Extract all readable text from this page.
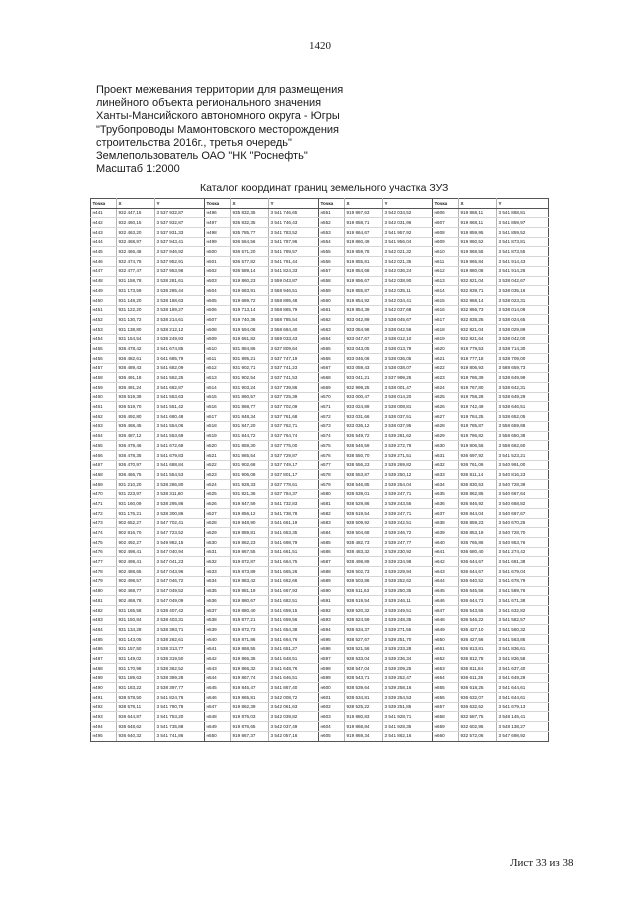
1420
Проект межевания территории для размещения
линейного объекта регионального значения
Ханты-Мансийского автономного округа - Югры
"Трубопроводы Мамонтовского месторождения
строительства 2016г., третья очередь"
Землепользователь ОАО "НК "Роснефть"
Масштаб 1:2000
Каталог координат границ земельного участка ЗУЗ
Точка	X	Y	Точка	X	Y	Точка	X	Y	Точка	X	Y
н441	932 447,15	3 537 932,87	н496	935 832,35	3 541 746,65	н551	919 867,63	3 542 034,52	н606	919 868,11	3 541 868,81
н442	932 460,15	3 537 932,87	н497	935 832,35	3 541 746,43	н552	919 858,71	3 542 031,96	н607	919 868,11	3 541 859,97
н443	932 463,20	3 537 931,33	н498	935 785,77	3 541 783,52	н553	919 864,67	3 541 957,92	н608	919 859,95	3 541 859,52
н444	932 468,97	3 537 943,41	н499	936 564,56	3 541 787,96	н554	919 860,49	3 541 956,04	н609	919 860,52	3 541 873,81
н445	932 466,48	3 537 946,92	н500	936 571,20	3 541 789,57	н555	919 859,78	3 542 021,32	н610	919 868,55	3 541 873,55
н446	932 474,78	3 537 952,91	н501	936 577,82	3 541 791,44	н556	919 855,81	3 542 021,35	н611	919 865,84	3 541 914,43
н447	932 477,47	3 537 953,96	н502	936 589,14	3 541 824,33	н557	919 854,68	3 542 036,24	н612	919 880,08	3 541 914,26
н448	931 158,78	3 538 281,61	н503	919 860,23	3 559 043,87	н558	919 856,67	3 542 038,90	н613	932 821,04	3 538 042,67
н449	931 173,59	3 538 285,44	н504	919 683,91	3 558 946,51	н559	919 855,87	3 542 035,11	н614	932 839,71	3 538 035,16
н450	931 148,20	3 538 188,63	н505	919 689,72	3 558 895,48	н560	919 854,92	3 542 034,41	н615	932 868,14	3 538 023,31
н451	931 122,20	3 538 189,27	н506	919 713,14	3 558 865,79	н561	919 854,39	3 542 037,68	н616	932 866,73	3 538 014,09
н452	931 130,72	3 538 214,61	н507	919 740,36	3 558 785,54	н562	933 042,89	3 538 045,67	н617	932 838,25	3 538 024,65
н453	931 138,80	3 538 212,12	н508	919 594,08	3 558 684,40	н563	933 054,98	3 538 042,56	н618	932 821,04	3 538 029,89
н454	931 154,54	3 538 249,93	н509	919 651,82	3 559 033,43	н564	933 047,67	3 538 012,10	н619	932 821,64	3 538 042,00
н455	936 478,42	3 541 674,85	н510	931 884,86	3 537 809,64	н565	933 043,05	3 538 013,79	н620	919 779,53	3 538 714,30
н456	936 482,61	3 641 685,79	н511	931 895,21	3 537 747,19	н566	933 046,06	3 538 036,05	н621	919 777,18	3 538 709,00
н457	936 489,43	3 541 682,09	н512	931 902,71	3 537 741,23	н567	933 059,43	3 538 038,07	н622	919 806,93	3 588 659,73
н458	936 491,18	3 541 562,25	н513	931 902,54	3 537 741,53	н568	933 041,21	3 537 999,25	н623	919 786,39	3 538 649,99
н459	936 491,24	3 541 682,87	н514	931 903,24	3 537 739,86	н569	932 999,25	3 538 001,47	н624	919 767,80	3 538 642,31
н460	936 519,39	3 541 553,63	н515	931 860,57	3 537 725,39	н570	933 000,47	3 538 014,20	н625	919 758,28	3 538 649,29
н461	936 519,70	3 541 551,42	н516	931 868,77	3 537 702,09	н571	933 024,89	3 538 008,81	н626	919 742,49	3 538 646,51
н462	936 492,80	3 541 680,48	н517	931 848,34	3 537 761,68	н572	933 031,66	3 538 037,51	н627	919 784,25	3 538 652,05
н463	936 468,45	3 541 554,06	н518	931 847,20	3 537 762,71	н573	933 036,12	3 538 037,95	н628	919 785,87	3 558 659,88
н464	936 487,12	3 541 553,69	н519	931 844,72	3 537 764,74	н574	936 549,72	3 539 281,62	н629	919 786,82	3 558 650,38
н465	936 479,46	3 541 672,69	н520	931 859,30	3 537 775,00	н575	938 546,59	3 539 272,78	н630	919 806,56	3 558 662,60
н466	936 478,35	3 541 679,83	н521	931 865,54	3 537 729,87	н576	938 550,70	3 539 271,51	н631	936 697,92	3 541 523,21
н467	936 470,97	3 541 688,84	н522	931 902,68	3 537 749,17	н577	938 556,23	3 539 269,82	н632	936 761,06	3 540 991,00
н468	936 466,75	3 541 554,53	н523	931 906,08	3 537 801,17	н578	938 553,87	3 539 250,12	н633	936 811,14	3 540 816,23
н469	931 210,20	3 538 286,80	н524	931 928,33	3 537 778,61	н579	938 546,85	3 539 254,04	н634	936 830,53	3 540 728,39
н470	931 223,97	3 538 311,60	н525	931 821,36	3 537 784,37	н580	938 539,01	3 539 247,71	н635	936 862,85	3 540 667,64
н471	931 160,09	3 538 295,86	н526	919 847,59	3 541 732,83	н581	938 529,86	3 539 243,55	н636	936 846,92	3 540 668,82
н472	931 176,21	3 538 300,86	н527	919 856,12	3 541 738,78	н582	938 519,54	3 539 247,71	н637	936 844,04	3 540 667,67
н473	902 652,27	3 547 702,41	н528	919 848,90	3 541 661,19	н583	938 509,92	3 539 242,51	н638	936 859,23	3 540 670,25
н474	902 816,70	3 547 723,52	н529	919 889,81	3 541 653,35	н584	938 504,68	3 539 246,72	н639	936 853,19	3 540 728,70
н475	902 492,27	3 549 982,15	н530	919 862,23	3 541 698,79	н585	938 482,73	3 539 247,77	н640	936 765,86	3 540 953,76
н476	902 498,41	3 547 040,94	н531	919 867,55	3 541 661,51	н586	938 483,32	3 539 230,92	н641	936 680,40	3 541 274,42
н477	902 498,41	3 547 041,23	н532	919 872,87	3 541 664,75	н587	938 498,89	3 539 234,98	н642	936 644,67	3 541 681,38
н478	902 488,65	3 547 043,96	н533	919 873,89	3 541 665,26	н588	938 502,73	3 539 229,94	н643	936 644,67	3 541 679,04
н479	902 498,57	3 547 046,72	н534	919 883,42	3 541 662,66	н589	938 503,86	3 539 252,62	н644	936 640,52	3 541 678,79
н480	902 468,77	3 547 049,52	н535	919 881,19	3 541 667,93	н590	938 511,63	3 539 250,35	н645	936 645,56	3 541 589,76
н481	902 468,78	3 547 049,09	н536	919 880,67	3 541 682,51	н591	938 519,54	3 539 246,11	н646	936 644,73	3 541 671,38
н482	931 165,58	3 538 407,42	н537	919 880,40	3 541 659,15	н592	938 520,32	3 539 249,51	н647	936 543,55	3 541 632,82
н483	931 150,84	3 538 403,31	н538	919 877,21	3 541 659,56	н593	938 524,59	3 539 248,35	н648	936 546,22	3 541 582,57
н484	931 134,28	3 538 393,71	н539	919 872,73	3 541 654,38	н594	938 534,37	3 539 271,55	н649	936 427,10	3 541 560,32
н485	931 143,05	3 538 262,61	н540	919 871,86	3 541 664,76	н595	938 527,67	3 539 251,70	н650	936 427,56	3 541 563,85
н486	931 157,50	3 538 313,77	н541	919 868,55	3 541 651,27	н596	938 521,56	3 539 233,28	н651	936 813,81	3 541 836,61
н487	931 149,02	3 538 319,50	н542	919 866,36	3 541 648,51	н597	938 533,04	3 539 236,34	н652	936 812,78	3 541 836,58
н488	931 170,98	3 538 362,52	н543	919 866,32	3 541 648,76	н598	938 547,04	3 539 209,25	н653	936 811,84	3 541 637,40
н489	931 189,63	3 538 389,28	н544	919 867,74	3 541 646,51	н599	938 543,71	3 539 252,47	н654	936 611,35	3 541 649,29
н490	931 183,22	3 538 397,77	н545	919 845,47	3 541 867,40	н600	938 539,64	3 539 258,16	н655	936 618,25	3 541 644,61
н491	938 578,50	3 541 824,76	н546	919 865,81	3 542 008,72	н601	938 534,81	3 539 254,53	н656	936 632,07	3 541 644,61
н492	938 578,11	3 541 780,78	н547	919 862,39	3 542 061,63	н602	938 525,22	3 539 251,85	н657	936 632,52	3 541 679,13
н493	936 644,87	3 541 753,20	н548	919 876,03	3 542 039,82	н603	919 880,83	3 541 928,71	н658	932 587,75	3 548 145,41
н494	936 648,62	3 541 735,88	н549	919 876,65	3 542 037,49	н604	919 868,84	3 541 928,35	н659	932 602,95	3 548 138,27
н495	936 640,32	3 541 741,86	н550	919 867,37	3 542 057,16	н605	919 869,34	3 541 862,16	н660	932 572,06	3 547 698,92
Лист 33 из 38
